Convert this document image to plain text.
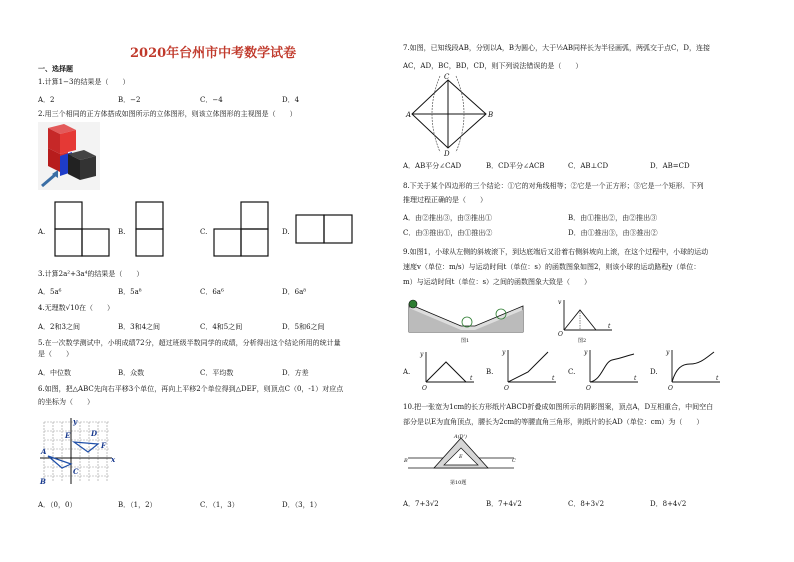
2020年台州市中考数学试卷
一、选择题
1.计算1−3的结果是（　　）
A．2	B．−2	C．−4	D．4
2.用三个相同的正方体搭成如图所示的立体图形，则该立体图形的主视图是（　　）
A.	B.	C.	D.
3.计算2a²+3a⁴的结果是（　　）
A．5a⁶	B．5a⁸	C．6a⁶	D．6a⁸
4.无理数√10在（　　）
A．2和3之间	B．3和4之间	C．4和5之间	D．5和6之间
5.在一次数学测试中，小明成绩72分，超过班级半数同学的成绩，分析得出这个结论所用的统计量
是（　　）
A．中位数	B．众数	C．平均数	D．方差
6.如图，把△ABC先向右平移3个单位，再向上平移2个单位得到△DEF，则顶点C（0，-1）对应点
的坐标为（　　）
A
B
C
D
E
F
y
x
A．（0，0）	B．（1，2）	C．（1，3）	D．（3，1）
7.如图，已知线段AB，分别以A，B为圆心，大于½AB同样长为半径画弧，两弧交于点C，D，连接
AC，AD，BC，BD，CD，则下列说法错误的是（　　）
A	B
C
D
A．AB平分∠CAD	B．CD平分∠ACB	C．AB⊥CD	D．AB=CD
8.下关于某个四边形的三个结论：①它的对角线相等；②它是一个正方形；③它是一个矩形．下列
推理过程正确的是（　　）
A．由②推出③，由③推出①	B．由①推出②，由②推出③
C．由③推出①，由①推出②	D．由①推出③，由③推出②
9.如图1，小球从左侧的斜坡滚下，到达底端后又沿着右侧斜坡向上滚，在这个过程中，小球的运动
速度v（单位：m/s）与运动时间t（单位：s）的函数图象如图2，则该小球的运动路程y（单位：
m）与运动时间t（单位：s）之间的函数图象大致是（　　）
图1
v
t
O
图2
A.
y
t
O
B.
y
t
O
C.
y
t
O
D.
y
t
O
10.把一张宽为1cm的长方形纸片ABCD折叠成如图所示的阴影图案，顶点A，D互相重合，中间空白
部分是以E为直角顶点，腰长为2cm的等腰直角三角形，则纸片的长AD（单位：cm）为（　　）
A(D')
E
B	C
第10题
A．7+3√2	B．7+4√2	C．8+3√2	D．8+4√2
